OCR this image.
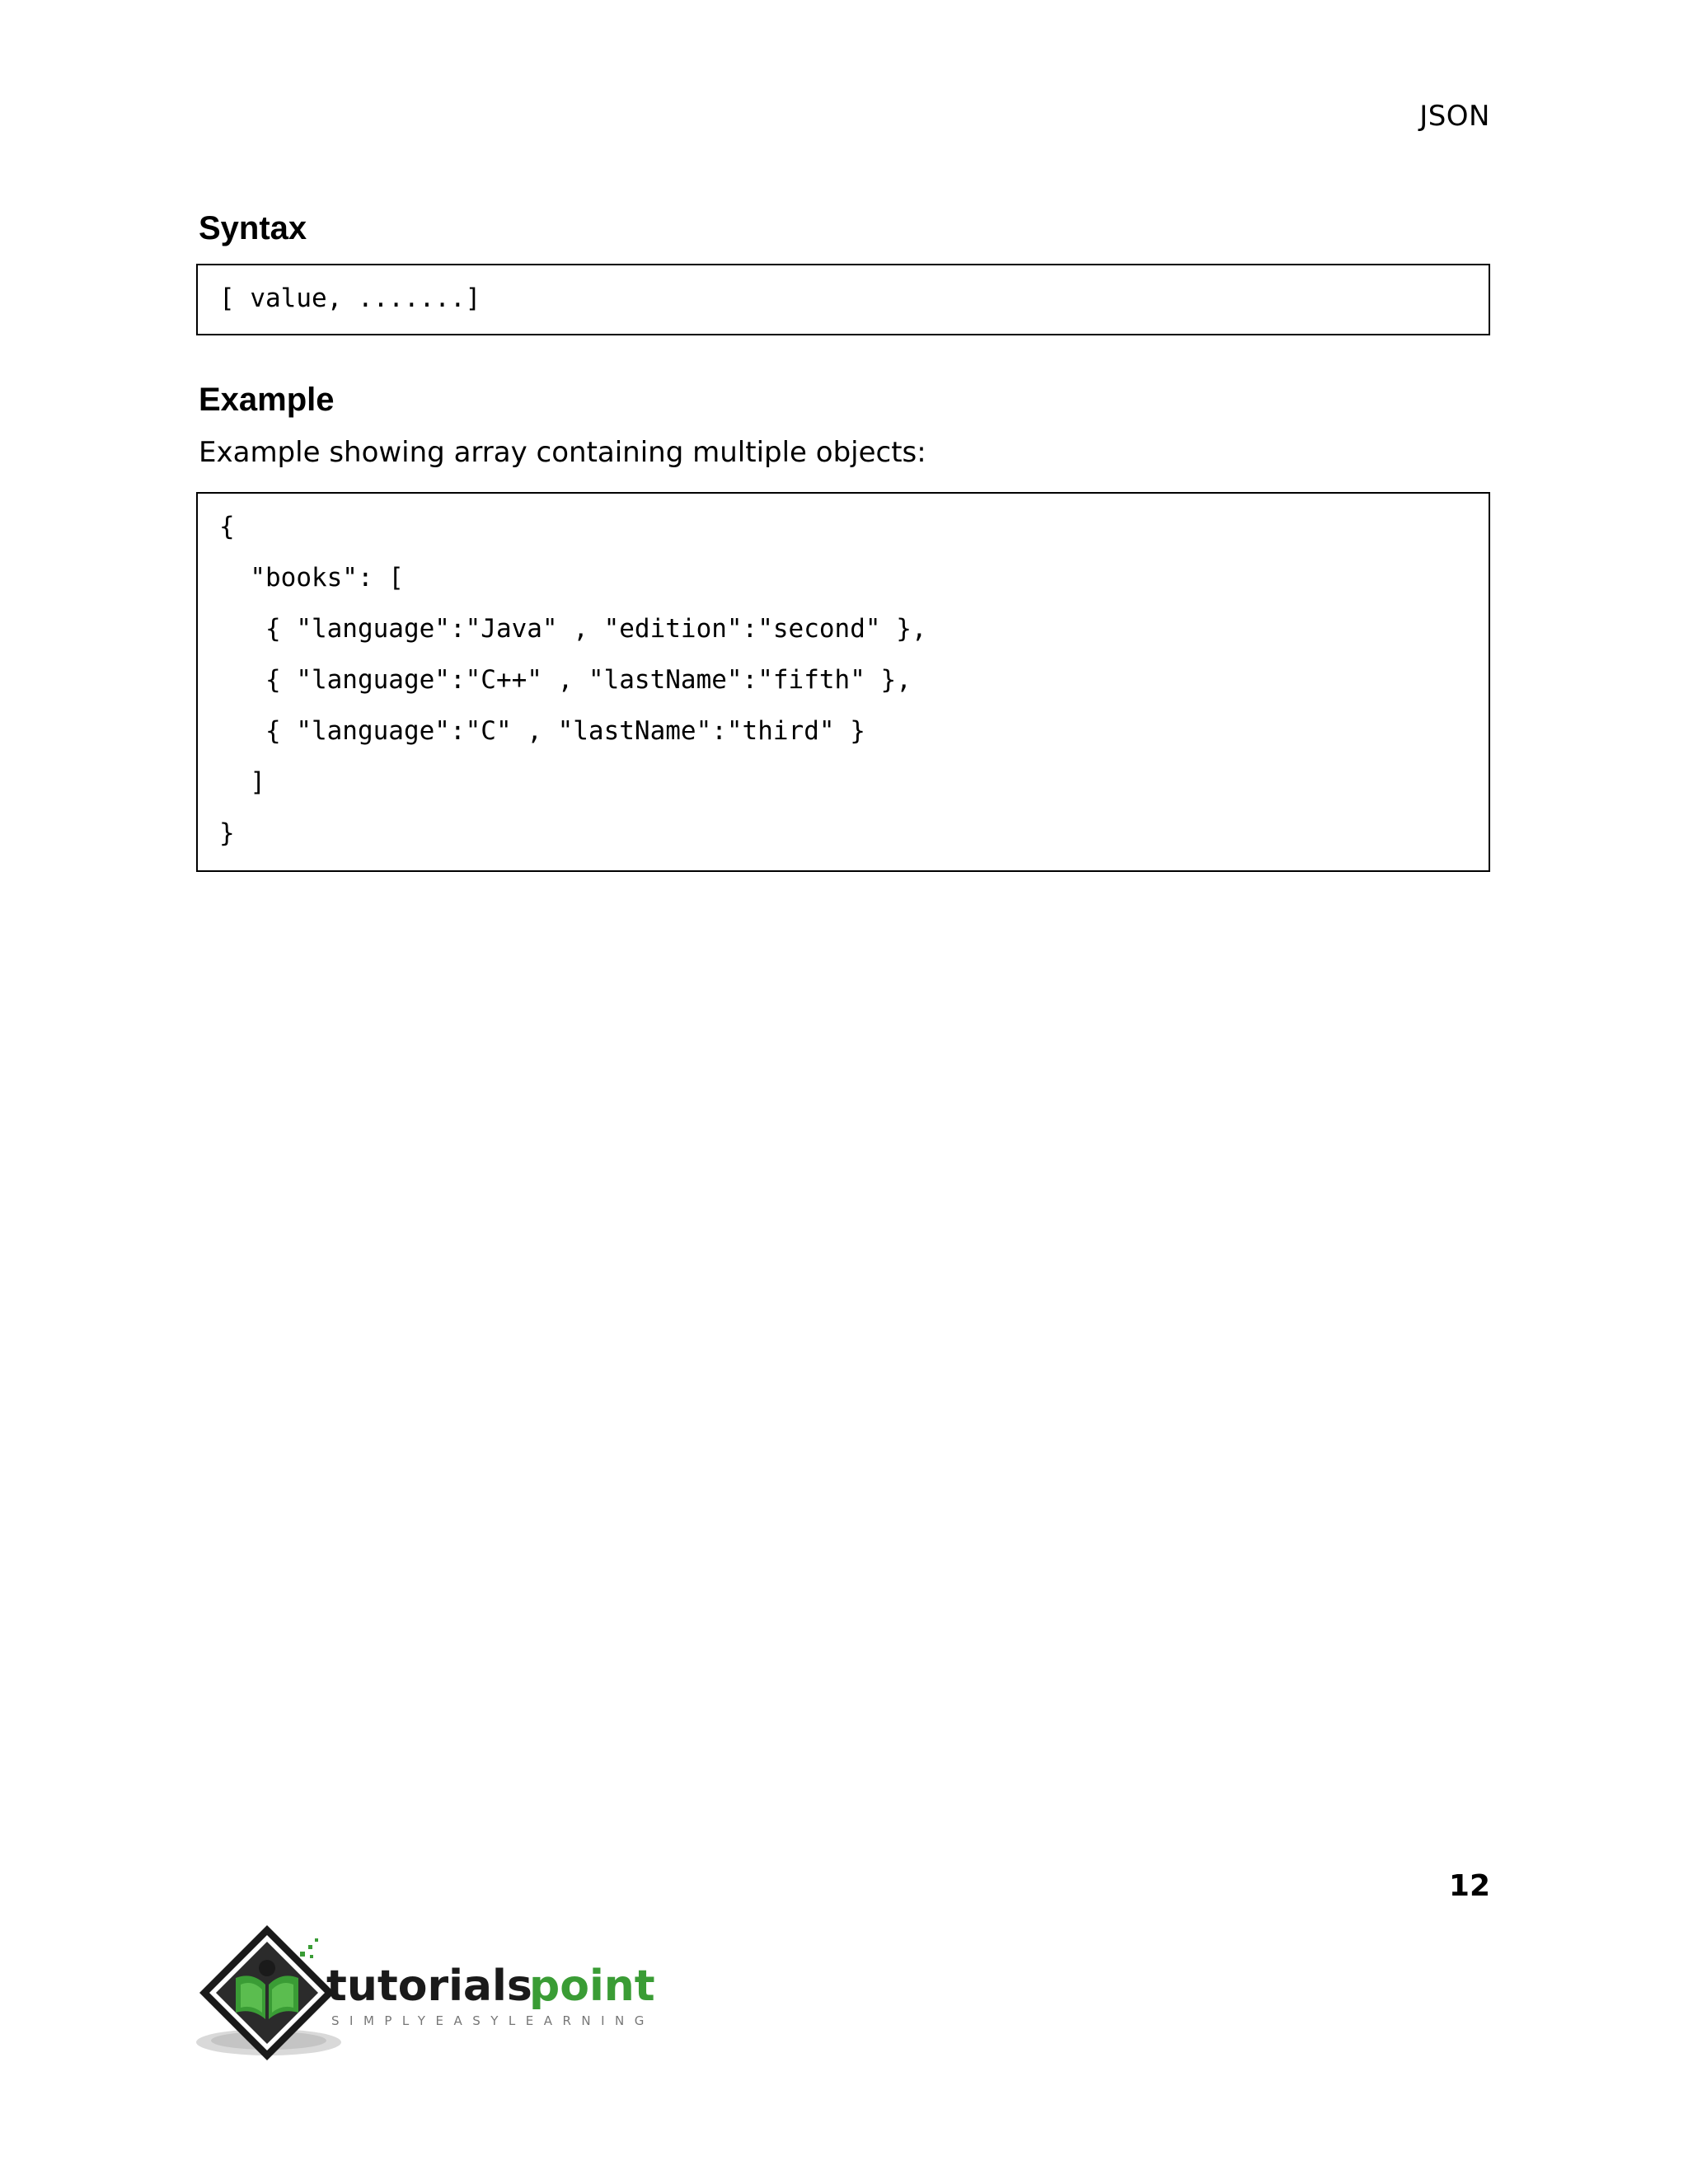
JSON
Syntax
[ value, .......]
Example
Example showing array containing multiple objects:
{
"books": [
{ "language":"Java" , "edition":"second" },
{ "language":"C++" , "lastName":"fifth" },
{ "language":"C" , "lastName":"third" }
]
}
12
tutorials
point
SIMPLYEASYLEARNING
